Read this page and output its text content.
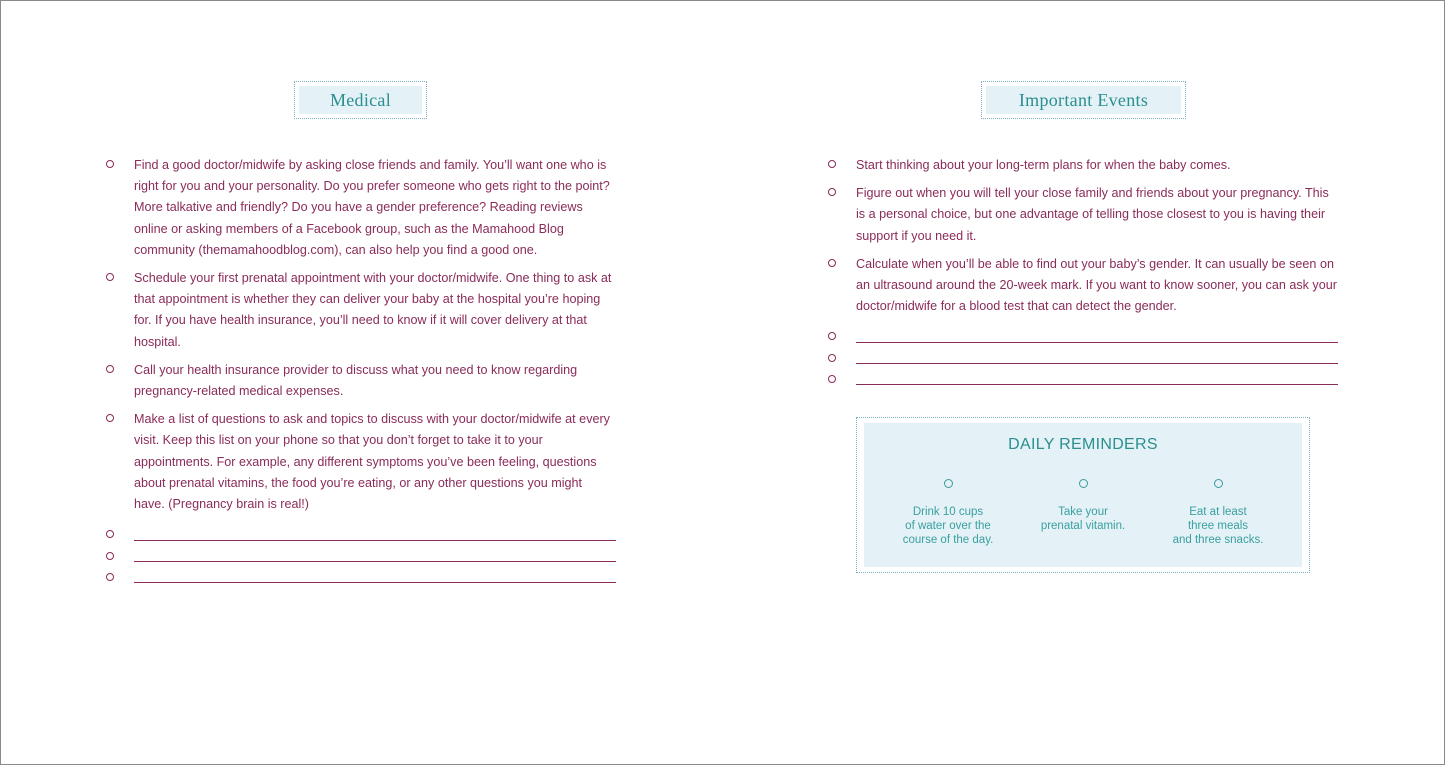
Medical
Find a good doctor/midwife by asking close friends and family. You’ll want one who is right for you and your personality. Do you prefer someone who gets right to the point? More talkative and friendly? Do you have a gender preference? Reading reviews online or asking members of a Facebook group, such as the Mamahood Blog community (themamahoodblog.com), can also help you find a good one.
Schedule your first prenatal appointment with your doctor/midwife. One thing to ask at that appointment is whether they can deliver your baby at the hospital you’re hoping for. If you have health insurance, you’ll need to know if it will cover delivery at that hospital.
Call your health insurance provider to discuss what you need to know regarding pregnancy-related medical expenses.
Make a list of questions to ask and topics to discuss with your doctor/midwife at every visit. Keep this list on your phone so that you don’t forget to take it to your appointments. For example, any different symptoms you’ve been feeling, questions about prenatal vitamins, the food you’re eating, or any other questions you might have. (Pregnancy brain is real!)
Important Events
Start thinking about your long-term plans for when the baby comes.
Figure out when you will tell your close family and friends about your pregnancy. This is a personal choice, but one advantage of telling those closest to you is having their support if you need it.
Calculate when you’ll be able to find out your baby’s gender. It can usually be seen on an ultrasound around the 20-week mark. If you want to know sooner, you can ask your doctor/midwife for a blood test that can detect the gender.
DAILY REMINDERS
Drink 10 cups
of water over the
course of the day.
Take your
prenatal vitamin.
Eat at least
three meals
and three snacks.
